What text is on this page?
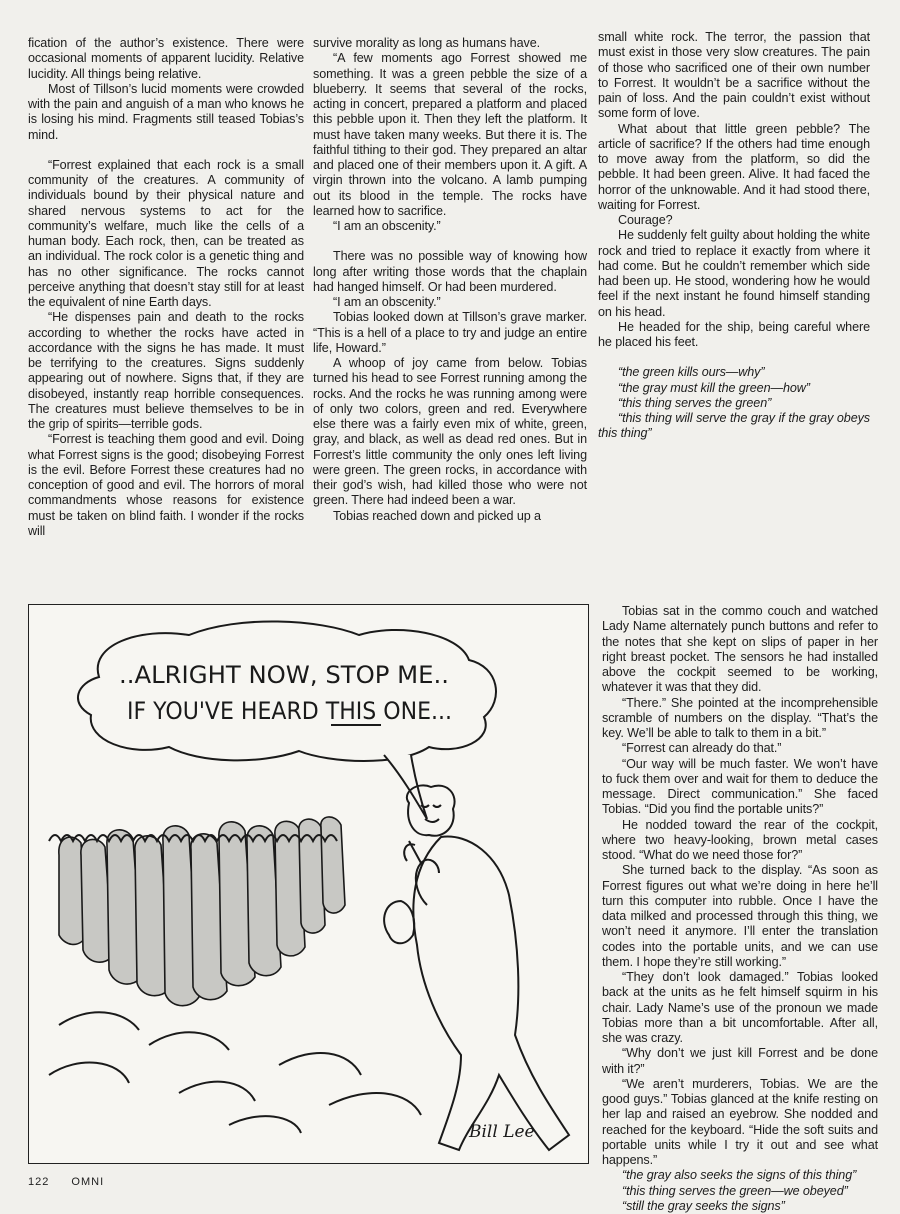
fication of the author’s existence. There were occasional moments of apparent lucidity. Relative lucidity. All things being relative.

Most of Tillson’s lucid moments were crowded with the pain and anguish of a man who knows he is losing his mind. Fragments still teased Tobias’s mind.

“Forrest explained that each rock is a small community of the creatures. A community of individuals bound by their physical nature and shared nervous systems to act for the community’s welfare, much like the cells of a human body. Each rock, then, can be treated as an individual. The rock color is a genetic thing and has no other significance. The rocks cannot perceive anything that doesn’t stay still for at least the equivalent of nine Earth days.

“He dispenses pain and death to the rocks according to whether the rocks have acted in accordance with the signs he has made. It must be terrifying to the creatures. Signs suddenly appearing out of nowhere. Signs that, if they are disobeyed, instantly reap horrible consequences. The creatures must believe themselves to be in the grip of spirits—terrible gods.

“Forrest is teaching them good and evil. Doing what Forrest signs is the good; disobeying Forrest is the evil. Before Forrest these creatures had no conception of good and evil. The horrors of moral commandments whose reasons for existence must be taken on blind faith. I wonder if the rocks will

survive morality as long as humans have.

“A few moments ago Forrest showed me something. It was a green pebble the size of a blueberry. It seems that several of the rocks, acting in concert, prepared a platform and placed this pebble upon it. Then they left the platform. It must have taken many weeks. But there it is. The faithful tithing to their god. They prepared an altar and placed one of their members upon it. A gift. A virgin thrown into the volcano. A lamb pumping out its blood in the temple. The rocks have learned how to sacrifice.

“I am an obscenity.”

There was no possible way of knowing how long after writing those words that the chaplain had hanged himself. Or had been murdered.

“I am an obscenity.”

Tobias looked down at Tillson’s grave marker. “This is a hell of a place to try and judge an entire life, Howard.”

A whoop of joy came from below. Tobias turned his head to see Forrest running among the rocks. And the rocks he was running among were of only two colors, green and red. Everywhere else there was a fairly even mix of white, green, gray, and black, as well as dead red ones. But in Forrest’s little community the only ones left living were green. The green rocks, in accordance with their god’s wish, had killed those who were not green. There had indeed been a war.

Tobias reached down and picked up a

small white rock. The terror, the passion that must exist in those very slow creatures. The pain of those who sacrificed one of their own number to Forrest. It wouldn’t be a sacrifice without the pain of loss. And the pain couldn’t exist without some form of love.

What about that little green pebble? The article of sacrifice? If the others had time enough to move away from the platform, so did the pebble. It had been green. Alive. It had faced the horror of the unknowable. And it had stood there, waiting for Forrest.

Courage?

He suddenly felt guilty about holding the white rock and tried to replace it exactly from where it had come. But he couldn’t remember which side had been up. He stood, wondering how he would feel if the next instant he found himself standing on his head.

He headed for the ship, being careful where he placed his feet.

“the green kills ours—why”

“the gray must kill the green—how”

“this thing serves the green”

“this thing will serve the gray if the gray obeys this thing”

Tobias sat in the commo couch and watched Lady Name alternately punch buttons and refer to the notes that she kept on slips of paper in her right breast pocket. The sensors he had installed above the cockpit seemed to be working, whatever it was that they did.

“There.” She pointed at the incomprehensible scramble of numbers on the display. “That’s the key. We’ll be able to talk to them in a bit.”

“Forrest can already do that.”

“Our way will be much faster. We won’t have to fuck them over and wait for them to deduce the message. Direct communication.” She faced Tobias. “Did you find the portable units?”

He nodded toward the rear of the cockpit, where two heavy-looking, brown metal cases stood. “What do we need those for?”

She turned back to the display. “As soon as Forrest figures out what we’re doing in here he’ll turn this computer into rubble. Once I have the data milked and processed through this thing, we won’t need it anymore. I’ll enter the translation codes into the portable units, and we can use them. I hope they’re still working.”

“They don’t look damaged.” Tobias looked back at the units as he felt himself squirm in his chair. Lady Name’s use of the pronoun we made Tobias more than a bit uncomfortable. After all, she was crazy.

“Why don’t we just kill Forrest and be done with it?”

“We aren’t murderers, Tobias. We are the good guys.” Tobias glanced at the knife resting on her lap and raised an eyebrow. She nodded and reached for the keyboard. “Hide the soft suits and portable units while I try it out and see what happens.”

“the gray also seeks the signs of this thing”

“this thing serves the green—we obeyed”

“still the gray seeks the signs”

..ALRIGHT NOW, STOP ME..
IF YOU'VE HEARD THIS ONE...
Bill Lee
122 OMNI
